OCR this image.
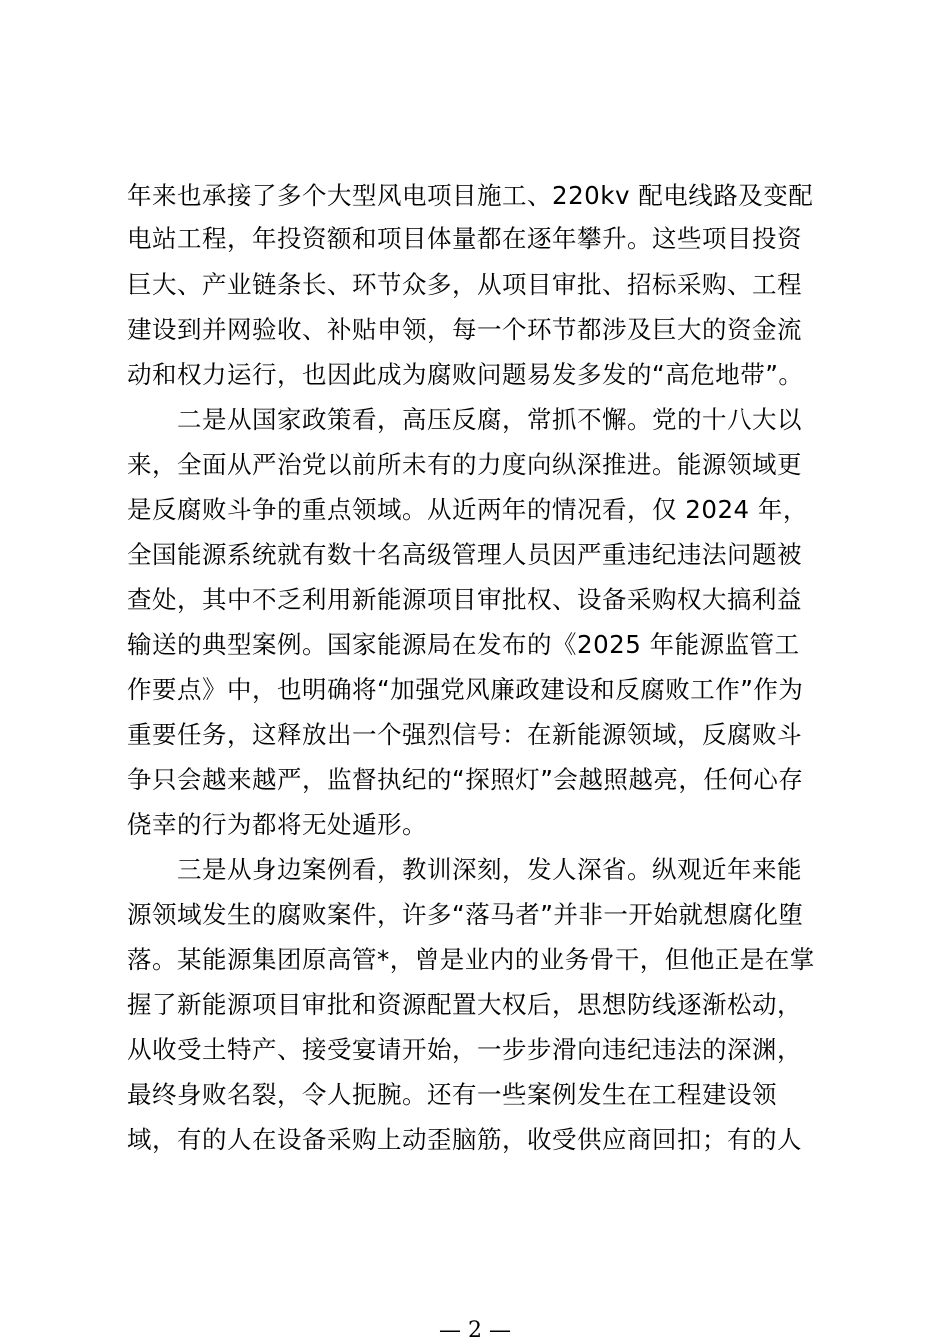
年来也承接了多个大型风电项目施工、220kv 配电线路及变配
电站工程，年投资额和项目体量都在逐年攀升。这些项目投资
巨大、产业链条长、环节众多，从项目审批、招标采购、工程
建设到并网验收、补贴申领，每一个环节都涉及巨大的资金流
动和权力运行，也因此成为腐败问题易发多发的“高危地带”。
　　二是从国家政策看，高压反腐，常抓不懈。党的十八大以
来，全面从严治党以前所未有的力度向纵深推进。能源领域更
是反腐败斗争的重点领域。从近两年的情况看，仅 2024 年，
全国能源系统就有数十名高级管理人员因严重违纪违法问题被
查处，其中不乏利用新能源项目审批权、设备采购权大搞利益
输送的典型案例。国家能源局在发布的《2025 年能源监管工
作要点》中，也明确将“加强党风廉政建设和反腐败工作”作为
重要任务，这释放出一个强烈信号：在新能源领域，反腐败斗
争只会越来越严，监督执纪的“探照灯”会越照越亮，任何心存
侥幸的行为都将无处遁形。
　　三是从身边案例看，教训深刻，发人深省。纵观近年来能
源领域发生的腐败案件，许多“落马者”并非一开始就想腐化堕
落。某能源集团原高管*，曾是业内的业务骨干，但他正是在掌
握了新能源项目审批和资源配置大权后，思想防线逐渐松动，
从收受土特产、接受宴请开始，一步步滑向违纪违法的深渊，
最终身败名裂，令人扼腕。还有一些案例发生在工程建设领
域，有的人在设备采购上动歪脑筋，收受供应商回扣；有的人
— 2 —
